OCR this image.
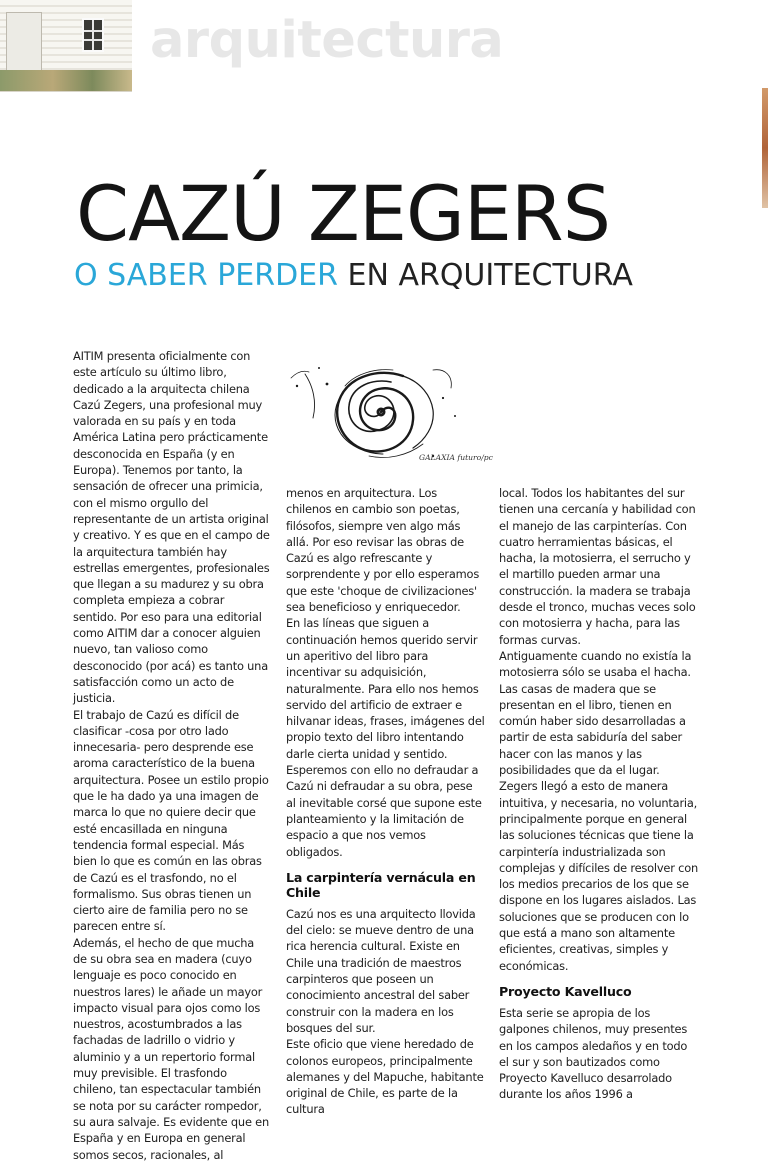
arquitectura
CAZÚ ZEGERS
O SABER PERDER EN ARQUITECTURA

AITIM presenta oficialmente con este artículo su último libro, dedicado a la arquitecta chilena Cazú Zegers, una profesional muy valorada en su país y en toda América Latina pero prácticamente desconocida en España (y en Europa). Tenemos por tanto, la sensación de ofrecer una primicia, con el mismo orgullo del representante de un artista original y creativo. Y es que en el campo de la arquitectura también hay estrellas emergentes, profesionales que llegan a su madurez y su obra completa empieza a cobrar sentido. Por eso para una editorial como AITIM dar a conocer alguien nuevo, tan valioso como desconocido (por acá) es tanto una satisfacción como un acto de justicia.

El trabajo de Cazú es difícil de clasificar -cosa por otro lado innecesaria- pero desprende ese aroma característico de la buena arquitectura. Posee un estilo propio que le ha dado ya una imagen de marca lo que no quiere decir que esté encasillada en ninguna tendencia formal especial. Más bien lo que es común en las obras de Cazú es el trasfondo, no el formalismo. Sus obras tienen un cierto aire de familia pero no se parecen entre sí.

Además, el hecho de que mucha de su obra sea en madera (cuyo lenguaje es poco conocido en nuestros lares) le añade un mayor impacto visual para ojos como los nuestros, acostumbrados a las fachadas de ladrillo o vidrio y aluminio y a un repertorio formal muy previsible. El trasfondo chileno, tan espectacular también se nota por su carácter rompedor, su aura salvaje. Es evidente que en España y en Europa en general somos secos, racionales, al

GALAXIA futuro/pc

menos en arquitectura. Los chilenos en cambio son poetas, filósofos, siempre ven algo más allá. Por eso revisar las obras de Cazú es algo refrescante y sorprendente y por ello esperamos que este 'choque de civilizaciones' sea beneficioso y enriquecedor.

En las líneas que siguen a continuación hemos querido servir un aperitivo del libro para incentivar su adquisición, naturalmente. Para ello nos hemos servido del artificio de extraer e hilvanar ideas, frases, imágenes del propio texto del libro intentando darle cierta unidad y sentido.

Esperemos con ello no defraudar a Cazú ni defraudar a su obra, pese al inevitable corsé que supone este planteamiento y la limitación de espacio a que nos vemos obligados.

La carpintería vernácula en Chile

Cazú nos es una arquitecto llovida del cielo: se mueve dentro de una rica herencia cultural. Existe en Chile una tradición de maestros carpinteros que poseen un conocimiento ancestral del saber construir con la madera en los bosques del sur.

Este oficio que viene heredado de colonos europeos, principalmente alemanes y del Mapuche, habitante original de Chile, es parte de la cultura

local. Todos los habitantes del sur tienen una cercanía y habilidad con el manejo de las carpinterías. Con cuatro herramientas básicas, el hacha, la motosierra, el serrucho y el martillo pueden armar una construcción. la madera se trabaja desde el tronco, muchas veces solo con motosierra y hacha, para las formas curvas.

Antiguamente cuando no existía la motosierra sólo se usaba el hacha.

Las casas de madera que se presentan en el libro, tienen en común haber sido desarrolladas a partir de esta sabiduría del saber hacer con las manos y las posibilidades que da el lugar.

Zegers llegó a esto de manera intuitiva, y necesaria, no voluntaria, principalmente porque en general las soluciones técnicas que tiene la carpintería industrializada son complejas y difíciles de resolver con los medios precarios de los que se dispone en los lugares aislados. Las soluciones que se producen con lo que está a mano son altamente eficientes, creativas, simples y económicas.

Proyecto Kavelluco

Esta serie se apropia de los galpones chilenos, muy presentes en los campos aledaños y en todo el sur y son bautizados como Proyecto Kavelluco desarrolado durante los años 1996 a
